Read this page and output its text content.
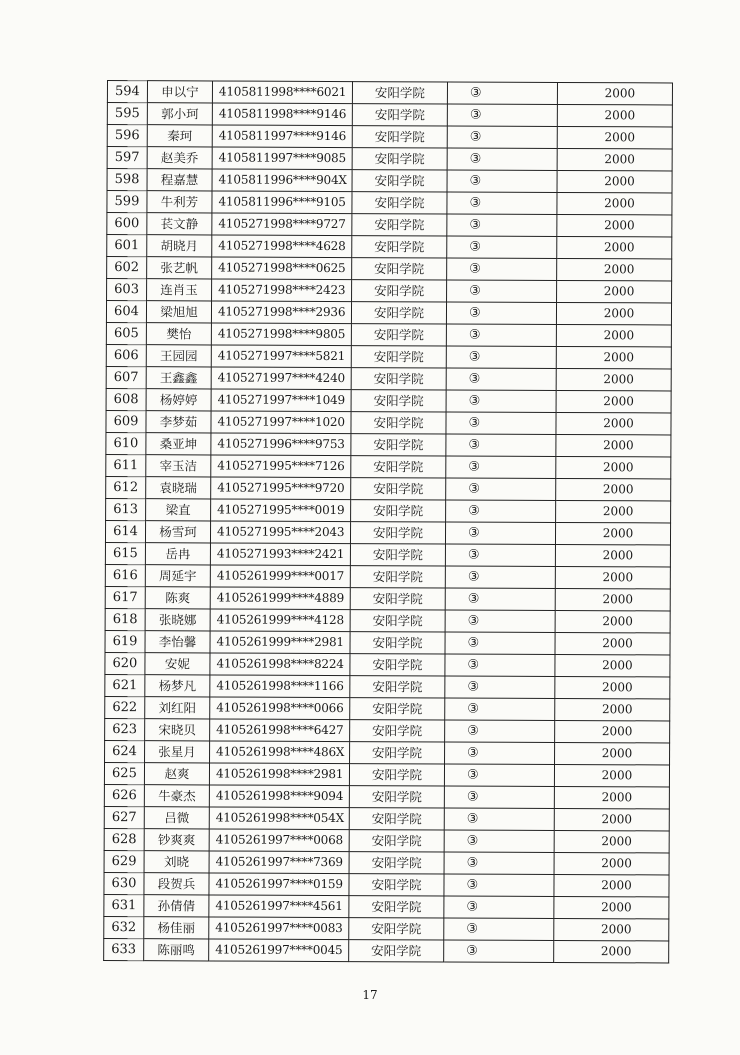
594	申以宁	4105811998****6021	安阳学院	③	2000
595	郭小珂	4105811998****9146	安阳学院	③	2000
596	秦珂	4105811997****9146	安阳学院	③	2000
597	赵美乔	4105811997****9085	安阳学院	③	2000
598	程嘉慧	4105811996****904X	安阳学院	③	2000
599	牛利芳	4105811996****9105	安阳学院	③	2000
600	苌文静	4105271998****9727	安阳学院	③	2000
601	胡晓月	4105271998****4628	安阳学院	③	2000
602	张艺帆	4105271998****0625	安阳学院	③	2000
603	连肖玉	4105271998****2423	安阳学院	③	2000
604	梁旭旭	4105271998****2936	安阳学院	③	2000
605	樊怡	4105271998****9805	安阳学院	③	2000
606	王园园	4105271997****5821	安阳学院	③	2000
607	王鑫鑫	4105271997****4240	安阳学院	③	2000
608	杨婷婷	4105271997****1049	安阳学院	③	2000
609	李梦茹	4105271997****1020	安阳学院	③	2000
610	桑亚坤	4105271996****9753	安阳学院	③	2000
611	宰玉洁	4105271995****7126	安阳学院	③	2000
612	袁晓瑞	4105271995****9720	安阳学院	③	2000
613	梁直	4105271995****0019	安阳学院	③	2000
614	杨雪珂	4105271995****2043	安阳学院	③	2000
615	岳冉	4105271993****2421	安阳学院	③	2000
616	周延宇	4105261999****0017	安阳学院	③	2000
617	陈爽	4105261999****4889	安阳学院	③	2000
618	张晓娜	4105261999****4128	安阳学院	③	2000
619	李怡馨	4105261999****2981	安阳学院	③	2000
620	安妮	4105261998****8224	安阳学院	③	2000
621	杨梦凡	4105261998****1166	安阳学院	③	2000
622	刘红阳	4105261998****0066	安阳学院	③	2000
623	宋晓贝	4105261998****6427	安阳学院	③	2000
624	张星月	4105261998****486X	安阳学院	③	2000
625	赵爽	4105261998****2981	安阳学院	③	2000
626	牛豪杰	4105261998****9094	安阳学院	③	2000
627	吕微	4105261998****054X	安阳学院	③	2000
628	钞爽爽	4105261997****0068	安阳学院	③	2000
629	刘晓	4105261997****7369	安阳学院	③	2000
630	段贺兵	4105261997****0159	安阳学院	③	2000
631	孙倩倩	4105261997****4561	安阳学院	③	2000
632	杨佳丽	4105261997****0083	安阳学院	③	2000
633	陈丽鸣	4105261997****0045	安阳学院	③	2000
17
